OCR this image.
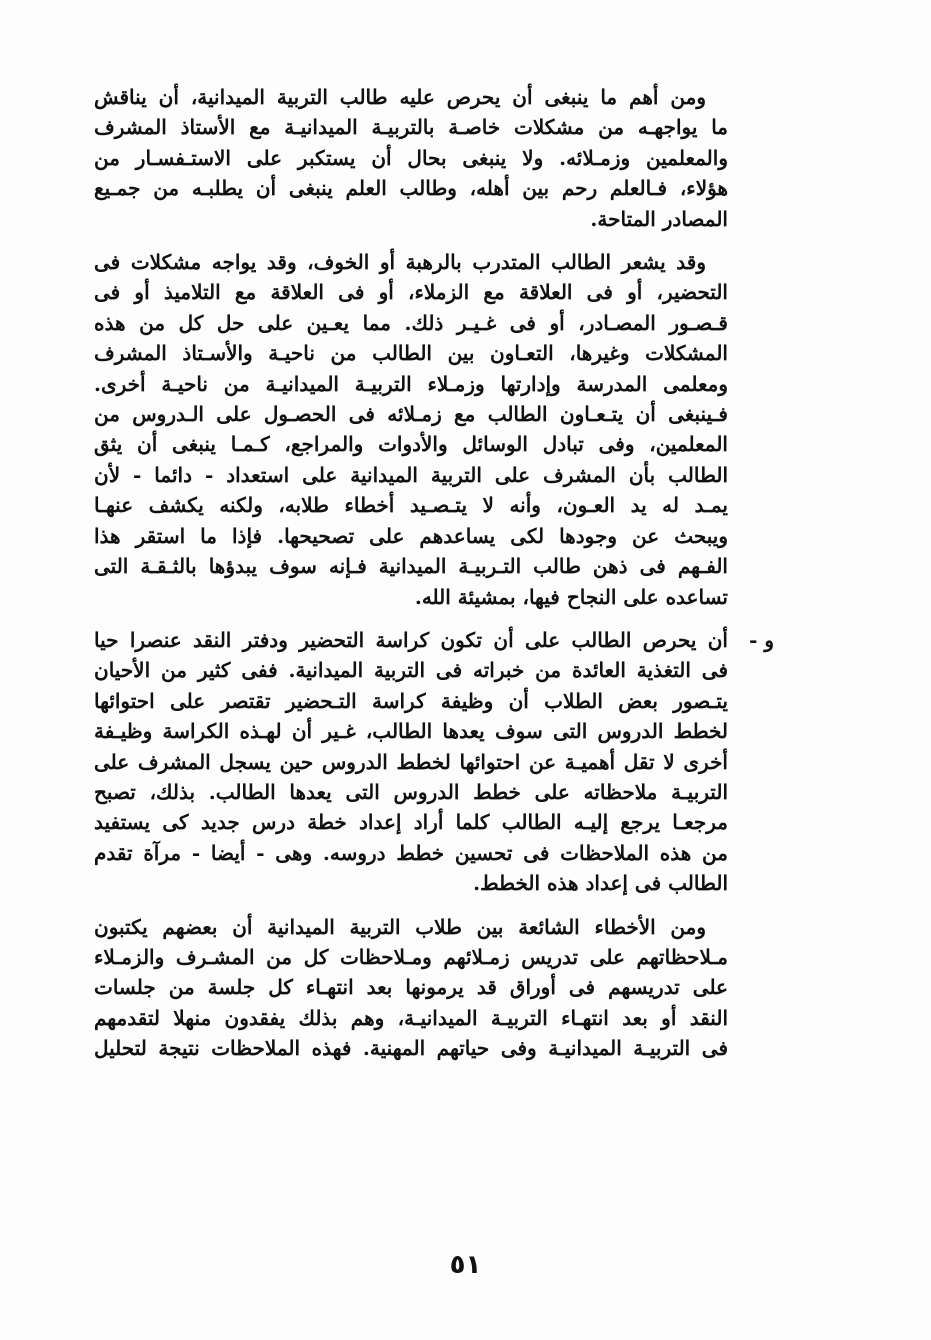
ومن أهم ما ينبغى أن يحرص عليه طالب التربية الميدانية، أن يناقش
ما يواجهـه من مشكلات خاصـة بالتربيـة الميدانيـة مع الأستاذ المشرف
والمعلمين وزمـلائه. ولا ينبغى بحال أن يستكبر على الاستـفسـار من
هؤلاء، فـالعلم رحم بين أهله، وطالب العلم ينبغى أن يطلبـه من جمـيع
المصادر المتاحة.
وقد يشعر الطالب المتدرب بالرهبة أو الخوف، وقد يواجه مشكلات فى
التحضير، أو فى العلاقة مع الزملاء، أو فى العلاقة مع التلاميذ أو فى
قـصـور المصـادر، أو فى غـيـر ذلك. مما يعـين على حل كل من هذه
المشكلات وغيرها، التعـاون بين الطالب من ناحيـة والأسـتاذ المشرف
ومعلمى المدرسة وإدارتها وزمـلاء التربيـة الميدانيـة من ناحيـة أخرى.
فـينبغى أن يتـعـاون الطالب مع زمـلائه فى الحصـول على الـدروس من
المعلمين، وفى تبادل الوسائل والأدوات والمراجع، كـمـا ينبغى أن يثق
الطالب بأن المشرف على التربية الميدانية على استعداد - دائما - لأن
يمـد له يد العـون، وأنه لا يتـصـيد أخطاء طلابه، ولكنه يكشف عنهـا
ويبحث عن وجودها لكى يساعدهم على تصحيحها. فإذا ما استقر هذا
الفـهم فى ذهن طالب التـربيـة الميدانية فـإنه سوف يبدؤها بالثـقـة التى
تساعده على النجاح فيها، بمشيئة الله.
و -
أن يحرص الطالب على أن تكون كراسة التحضير ودفتر النقد عنصرا حيا
فى التغذية العائدة من خبراته فى التربية الميدانية. ففى كثير من الأحيان
يتـصور بعض الطلاب أن وظيفة كراسة التـحضير تقتصر على احتوائها
لخطط الدروس التى سوف يعدها الطالب، غـير أن لهـذه الكراسة وظيـفة
أخرى لا تقل أهميـة عن احتوائها لخطط الدروس حين يسجل المشرف على
التربيـة ملاحظاته على خطط الدروس التى يعدها الطالب. بذلك، تصبح
مرجعـا يرجع إليـه الطالب كلما أراد إعداد خطة درس جديد كى يستفيد
من هذه الملاحظات فى تحسين خطط دروسه. وهى - أيضا - مرآة تقدم
الطالب فى إعداد هذه الخطط.
ومن الأخطاء الشائعة بين طلاب التربية الميدانية أن بعضهم يكتبون
مـلاحظاتهم على تدريس زمـلائهم ومـلاحظات كل من المشـرف والزمـلاء
على تدريسهم فى أوراق قد يرمونها بعد انتهـاء كل جلسة من جلسات
النقد أو بعد انتهـاء التربيـة الميدانيـة، وهم بذلك يفقدون منهلا لتقدمهم
فى التربيـة الميدانيـة وفى حياتهم المهنية. فهذه الملاحظات نتيجة لتحليل
٥١
